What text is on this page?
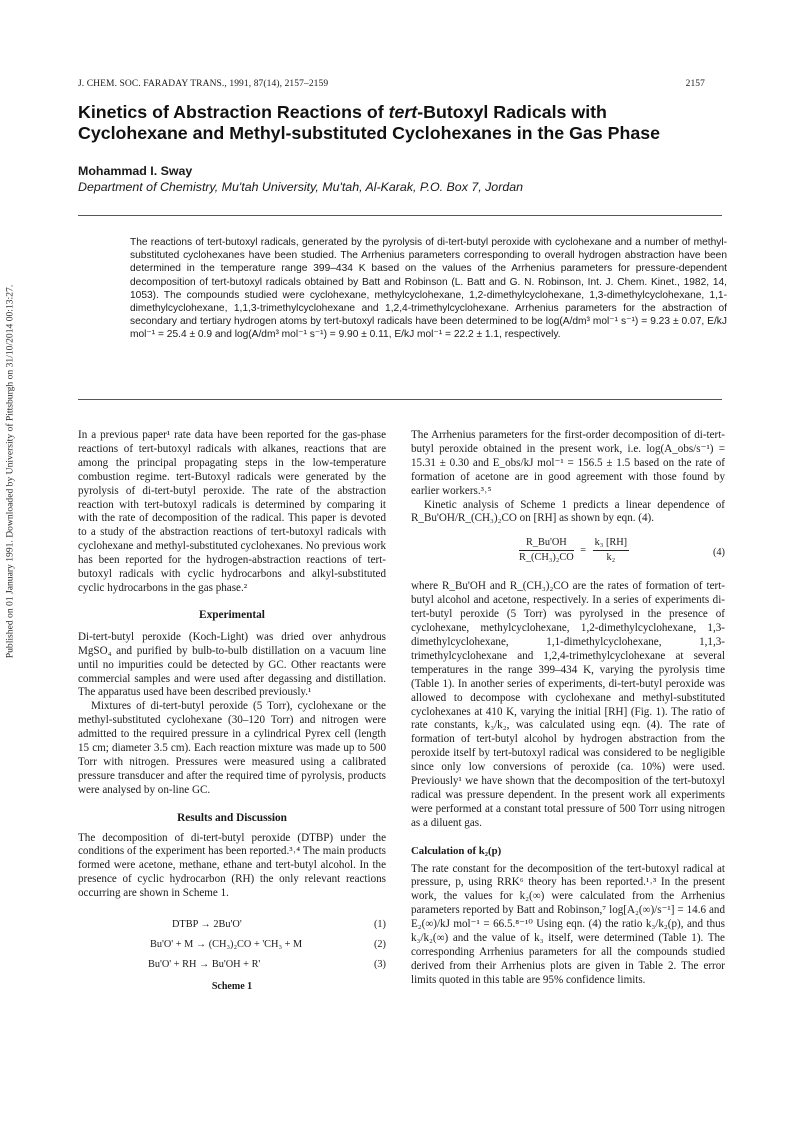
Published on 01 January 1991. Downloaded by University of Pittsburgh on 31/10/2014 00:13:27.
J. CHEM. SOC. FARADAY TRANS., 1991, 87(14), 2157–2159	2157
Kinetics of Abstraction Reactions of tert-Butoxyl Radicals with
Cyclohexane and Methyl-substituted Cyclohexanes in the Gas Phase
Mohammad I. Sway
Department of Chemistry, Mu'tah University, Mu'tah, Al-Karak, P.O. Box 7, Jordan
The reactions of tert-butoxyl radicals, generated by the pyrolysis of di-tert-butyl peroxide with cyclohexane and a number of methyl-substituted cyclohexanes have been studied. The Arrhenius parameters corresponding to overall hydrogen abstraction have been determined in the temperature range 399–434 K based on the values of the Arrhenius parameters for pressure-dependent decomposition of tert-butoxyl radicals obtained by Batt and Robinson (L. Batt and G. N. Robinson, Int. J. Chem. Kinet., 1982, 14, 1053). The compounds studied were cyclohexane, methylcyclohexane, 1,2-dimethylcyclohexane, 1,3-dimethylcyclohexane, 1,1-dimethylcyclohexane, 1,1,3-trimethylcyclohexane and 1,2,4-trimethylcyclohexane. Arrhenius parameters for the abstraction of secondary and tertiary hydrogen atoms by tert-butoxyl radicals have been determined to be log(A/dm³ mol⁻¹ s⁻¹) = 9.23 ± 0.07, E/kJ mol⁻¹ = 25.4 ± 0.9 and log(A/dm³ mol⁻¹ s⁻¹) = 9.90 ± 0.11, E/kJ mol⁻¹ = 22.2 ± 1.1, respectively.

In a previous paper¹ rate data have been reported for the gas-phase reactions of tert-butoxyl radicals with alkanes, reactions that are among the principal propagating steps in the low-temperature combustion regime. tert-Butoxyl radicals were generated by the pyrolysis of di-tert-butyl peroxide. The rate of the abstraction reaction with tert-butoxyl radicals is determined by comparing it with the rate of decomposition of the radical. This paper is devoted to a study of the abstraction reactions of tert-butoxyl radicals with cyclohexane and methyl-substituted cyclohexanes. No previous work has been reported for the hydrogen-abstraction reactions of tert-butoxyl radicals with cyclic hydrocarbons and alkyl-substituted cyclic hydrocarbons in the gas phase.²

Experimental

Di-tert-butyl peroxide (Koch-Light) was dried over anhydrous MgSO₄ and purified by bulb-to-bulb distillation on a vacuum line until no impurities could be detected by GC. Other reactants were commercial samples and were used after degassing and distillation. The apparatus used have been described previously.¹

Mixtures of di-tert-butyl peroxide (5 Torr), cyclohexane or the methyl-substituted cyclohexane (30–120 Torr) and nitrogen were admitted to the required pressure in a cylindrical Pyrex cell (length 15 cm; diameter 3.5 cm). Each reaction mixture was made up to 500 Torr with nitrogen. Pressures were measured using a calibrated pressure transducer and after the required time of pyrolysis, products were analysed by on-line GC.

Results and Discussion

The decomposition of di-tert-butyl peroxide (DTBP) under the conditions of the experiment has been reported.³˒⁴ The main products formed were acetone, methane, ethane and tert-butyl alcohol. In the presence of cyclic hydrocarbon (RH) the only relevant reactions occurring are shown in Scheme 1.

DTBP → 2Bu'O'	(1)
Bu'O' + M → (CH₃)₂CO + 'CH₃ + M	(2)
Bu'O' + RH → Bu'OH + R'	(3)
Scheme 1

The Arrhenius parameters for the first-order decomposition of di-tert-butyl peroxide obtained in the present work, i.e. log(A_obs/s⁻¹) = 15.31 ± 0.30 and E_obs/kJ mol⁻¹ = 156.5 ± 1.5 based on the rate of formation of acetone are in good agreement with those found by earlier workers.³˒⁵

Kinetic analysis of Scheme 1 predicts a linear dependence of R_Bu'OH/R_(CH₃)₂CO on [RH] as shown by eqn. (4).

$\frac{R\_Bu'OH}{\text{R\_(CH₃)₂CO}} = \frac{\text{k₃ [RH]}}{\text{k₂}}$	(4)

where R_Bu'OH and R_(CH₃)₂CO are the rates of formation of tert-butyl alcohol and acetone, respectively. In a series of experiments di-tert-butyl peroxide (5 Torr) was pyrolysed in the presence of cyclohexane, methylcyclohexane, 1,2-dimethylcyclohexane, 1,3-dimethylcyclohexane, 1,1-dimethylcyclohexane, 1,1,3-trimethylcyclohexane and 1,2,4-trimethylcyclohexane at several temperatures in the range 399–434 K, varying the pyrolysis time (Table 1). In another series of experiments, di-tert-butyl peroxide was allowed to decompose with cyclohexane and methyl-substituted cyclohexanes at 410 K, varying the initial [RH] (Fig. 1). The ratio of rate constants, k₃/k₂, was calculated using eqn. (4). The rate of formation of tert-butyl alcohol by hydrogen abstraction from the peroxide itself by tert-butoxyl radical was considered to be negligible since only low conversions of peroxide (ca. 10%) were used. Previously¹ we have shown that the decomposition of the tert-butoxyl radical was pressure dependent. In the present work all experiments were performed at a constant total pressure of 500 Torr using nitrogen as a diluent gas.

Calculation of k₂(p)

The rate constant for the decomposition of the tert-butoxyl radical at pressure, p, using RRK⁶ theory has been reported.¹˒³ In the present work, the values for k₂(∞) were calculated from the Arrhenius parameters reported by Batt and Robinson,⁷ log[A₂(∞)/s⁻¹] = 14.6 and E₂(∞)/kJ mol⁻¹ = 66.5.⁸⁻¹⁰ Using eqn. (4) the ratio k₃/k₂(p), and thus k₃/k₂(∞) and the value of k₃ itself, were determined (Table 1). The corresponding Arrhenius parameters for all the compounds studied derived from their Arrhenius plots are given in Table 2. The error limits quoted in this table are 95% confidence limits.
